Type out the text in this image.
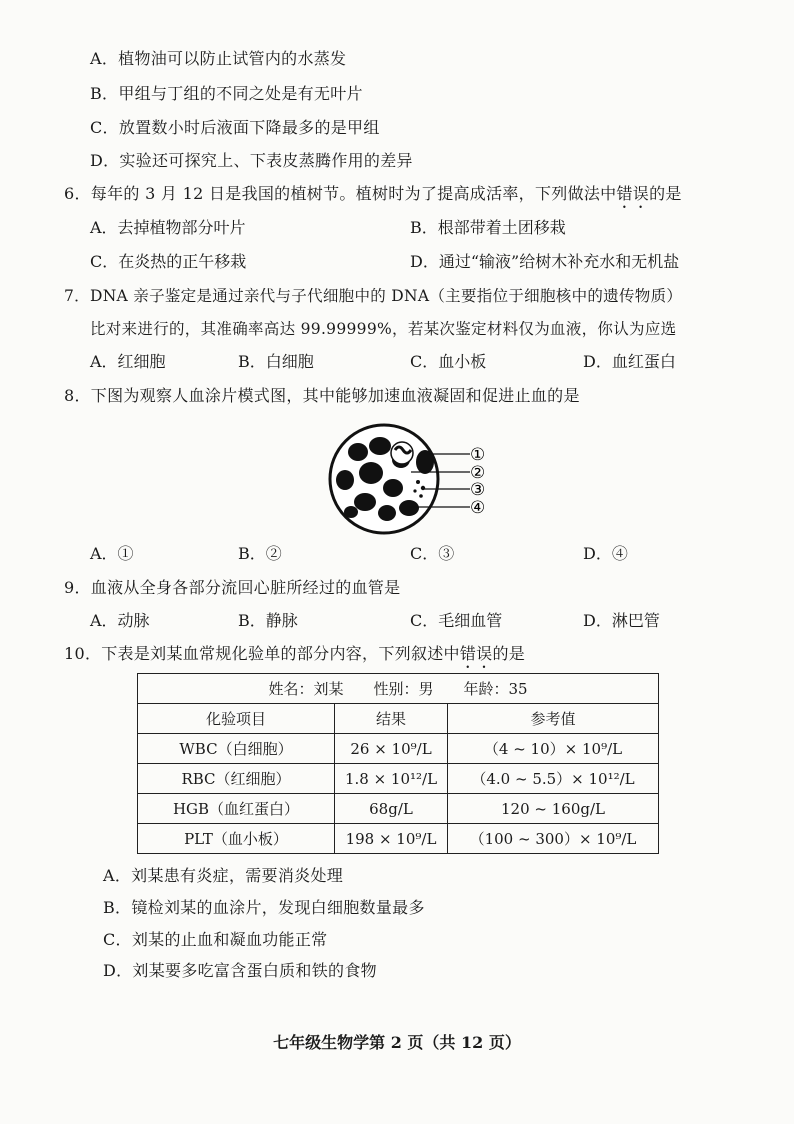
A．植物油可以防止试管内的水蒸发
B．甲组与丁组的不同之处是有无叶片
C．放置数小时后液面下降最多的是甲组
D．实验还可探究上、下表皮蒸腾作用的差异
6．每年的 3 月 12 日是我国的植树节。植树时为了提高成活率，下列做法中错误的是
A．去掉植物部分叶片	B．根部带着土团移栽
C．在炎热的正午移栽	D．通过“输液”给树木补充水和无机盐
7．DNA 亲子鉴定是通过亲代与子代细胞中的 DNA（主要指位于细胞核中的遗传物质）
比对来进行的，其准确率高达 99.99999%，若某次鉴定材料仅为血液，你认为应选
A．红细胞	B．白细胞	C．血小板	D．血红蛋白
8．下图为观察人血涂片模式图，其中能够加速血液凝固和促进止血的是
①
②
③
④
A．①	B．②	C．③	D．④
9．血液从全身各部分流回心脏所经过的血管是
A．动脉	B．静脉	C．毛细血管	D．淋巴管
10．下表是刘某血常规化验单的部分内容，下列叙述中错误的是
姓名：刘某　　性别：男　　年龄：35		
化验项目	结果	参考值
WBC（白细胞）	26 × 10⁹/L	（4 ~ 10）× 10⁹/L
RBC（红细胞）	1.8 × 10¹²/L	（4.0 ~ 5.5）× 10¹²/L
HGB（血红蛋白）	68g/L	120 ~ 160g/L
PLT（血小板）	198 × 10⁹/L	（100 ~ 300）× 10⁹/L
A．刘某患有炎症，需要消炎处理
B．镜检刘某的血涂片，发现白细胞数量最多
C．刘某的止血和凝血功能正常
D．刘某要多吃富含蛋白质和铁的食物
七年级生物学第 2 页（共 12 页）
